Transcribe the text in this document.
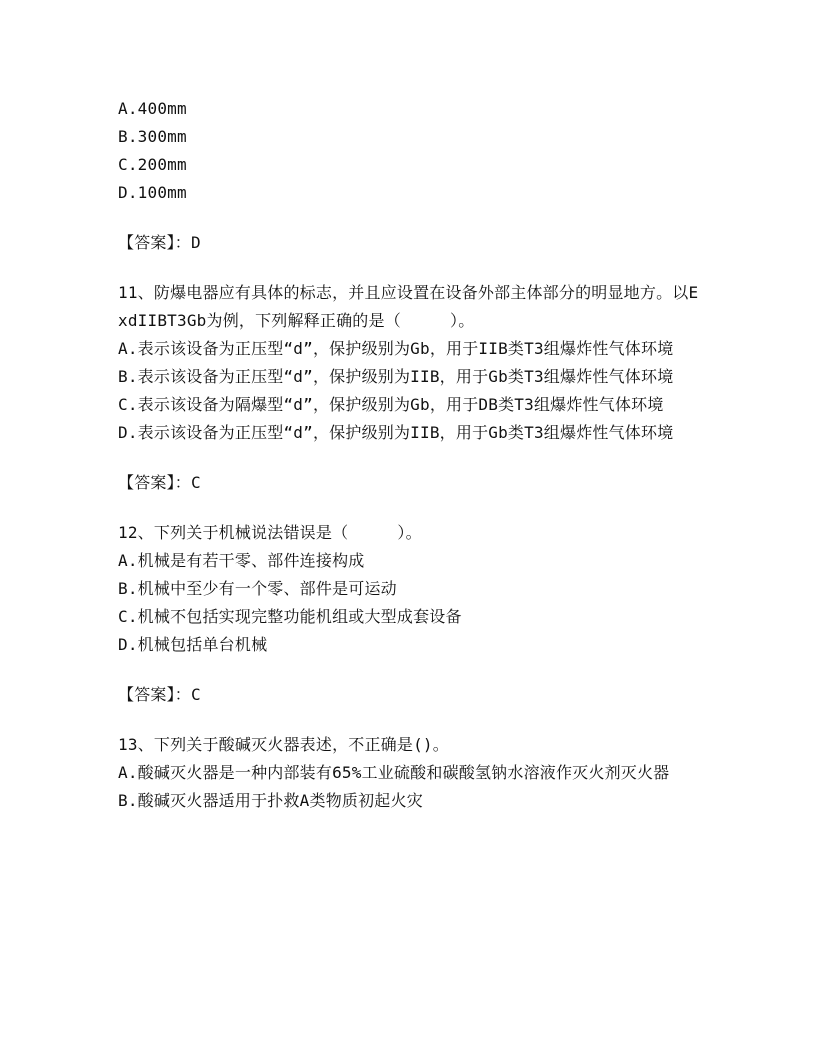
A.400mm

B.300mm

C.200mm

D.100mm

【答案】：D

11、防爆电器应有具体的标志，并且应设置在设备外部主体部分的明显地方。以ExdIIBT3Gb为例，下列解释正确的是（     ）。

A.表示该设备为正压型“d”，保护级别为Gb，用于IIB类T3组爆炸性气体环境

B.表示该设备为正压型“d”，保护级别为IIB，用于Gb类T3组爆炸性气体环境

C.表示该设备为隔爆型“d”，保护级别为Gb，用于DB类T3组爆炸性气体环境

D.表示该设备为正压型“d”，保护级别为IIB，用于Gb类T3组爆炸性气体环境

【答案】：C

12、下列关于机械说法错误是（     ）。

A.机械是有若干零、部件连接构成

B.机械中至少有一个零、部件是可运动

C.机械不包括实现完整功能机组或大型成套设备

D.机械包括单台机械

【答案】：C

13、下列关于酸碱灭火器表述，不正确是()。

A.酸碱灭火器是一种内部装有65%工业硫酸和碳酸氢钠水溶液作灭火剂灭火器

B.酸碱灭火器适用于扑救A类物质初起火灾
